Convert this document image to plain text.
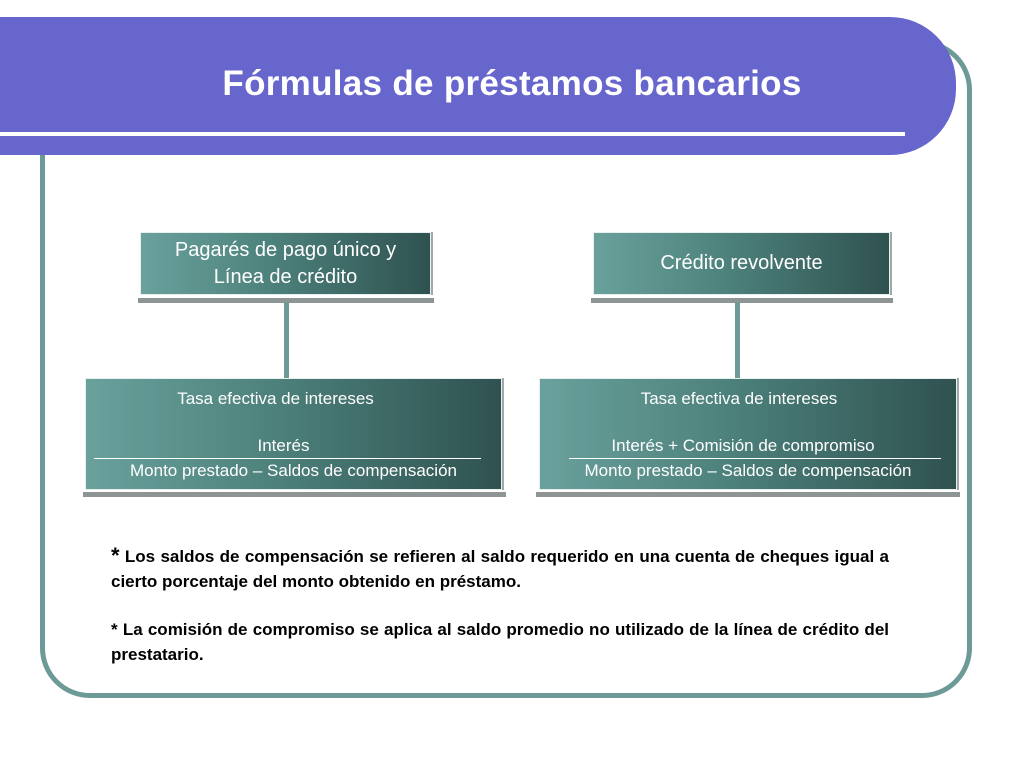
Fórmulas de préstamos bancarios
Pagarés de pago único y
Línea de crédito
Crédito revolvente
Tasa efectiva de intereses
Interés
Monto prestado – Saldos de compensación
Tasa efectiva de intereses
Interés + Comisión de compromiso
Monto prestado – Saldos de compensación

* Los saldos de compensación se refieren al saldo requerido en una cuenta de cheques igual a cierto porcentaje del monto obtenido en préstamo.

* La comisión de compromiso se aplica al saldo promedio no utilizado de la línea de crédito del prestatario.
